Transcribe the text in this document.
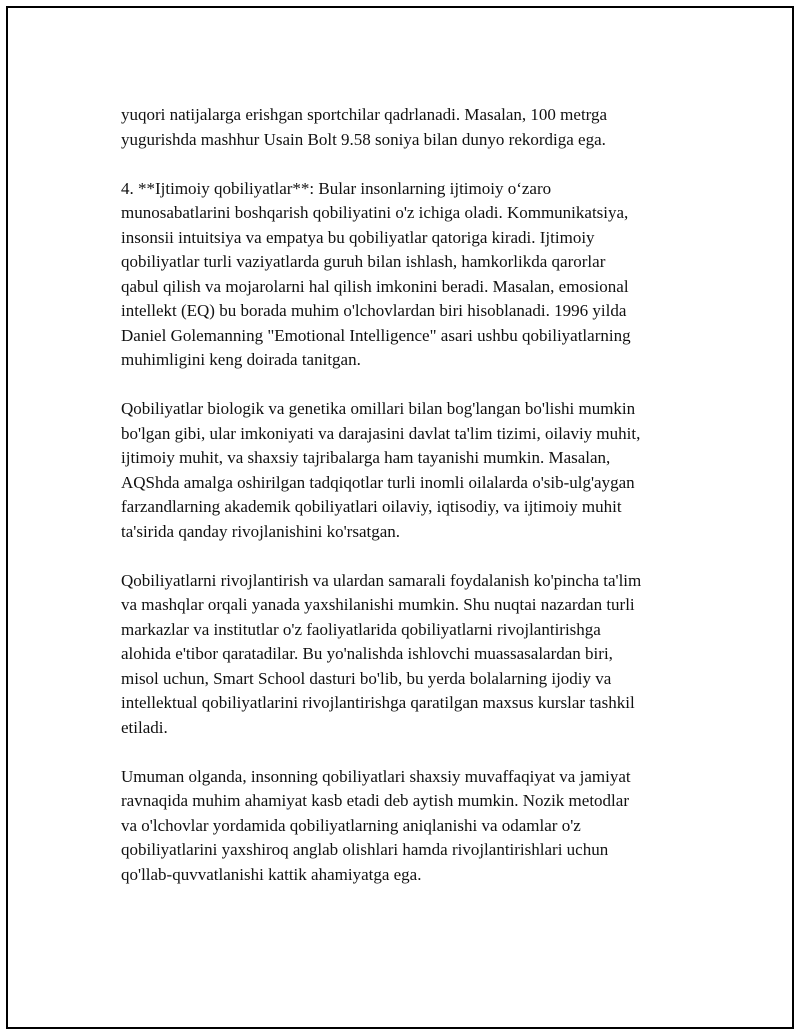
yuqori natijalarga erishgan sportchilar qadrlanadi. Masalan, 100 metrga
yugurishda mashhur Usain Bolt 9.58 soniya bilan dunyo rekordiga ega.

4. **Ijtimoiy qobiliyatlar**: Bular insonlarning ijtimoiy o‘zaro
munosabatlarini boshqarish qobiliyatini o'z ichiga oladi. Kommunikatsiya,
insonsii intuitsiya va empatya bu qobiliyatlar qatoriga kiradi. Ijtimoiy
qobiliyatlar turli vaziyatlarda guruh bilan ishlash, hamkorlikda qarorlar
qabul qilish va mojarolarni hal qilish imkonini beradi. Masalan, emosional
intellekt (EQ) bu borada muhim o'lchovlardan biri hisoblanadi. 1996 yilda
Daniel Golemanning "Emotional Intelligence" asari ushbu qobiliyatlarning
muhimligini keng doirada tanitgan.

Qobiliyatlar biologik va genetika omillari bilan bog'langan bo'lishi mumkin
bo'lgan gibi, ular imkoniyati va darajasini davlat ta'lim tizimi, oilaviy muhit,
ijtimoiy muhit, va shaxsiy tajribalarga ham tayanishi mumkin. Masalan,
AQShda amalga oshirilgan tadqiqotlar turli inomli oilalarda o'sib-ulg'aygan
farzandlarning akademik qobiliyatlari oilaviy, iqtisodiy, va ijtimoiy muhit
ta'sirida qanday rivojlanishini ko'rsatgan.

Qobiliyatlarni rivojlantirish va ulardan samarali foydalanish ko'pincha ta'lim
va mashqlar orqali yanada yaxshilanishi mumkin. Shu nuqtai nazardan turli
markazlar va institutlar o'z faoliyatlarida qobiliyatlarni rivojlantirishga
alohida e'tibor qaratadilar. Bu yo'nalishda ishlovchi muassasalardan biri,
misol uchun, Smart School dasturi bo'lib, bu yerda bolalarning ijodiy va
intellektual qobiliyatlarini rivojlantirishga qaratilgan maxsus kurslar tashkil
etiladi.

Umuman olganda, insonning qobiliyatlari shaxsiy muvaffaqiyat va jamiyat
ravnaqida muhim ahamiyat kasb etadi deb aytish mumkin. Nozik metodlar
va o'lchovlar yordamida qobiliyatlarning aniqlanishi va odamlar o'z
qobiliyatlarini yaxshiroq anglab olishlari hamda rivojlantirishlari uchun
qo'llab-quvvatlanishi kattik ahamiyatga ega.
